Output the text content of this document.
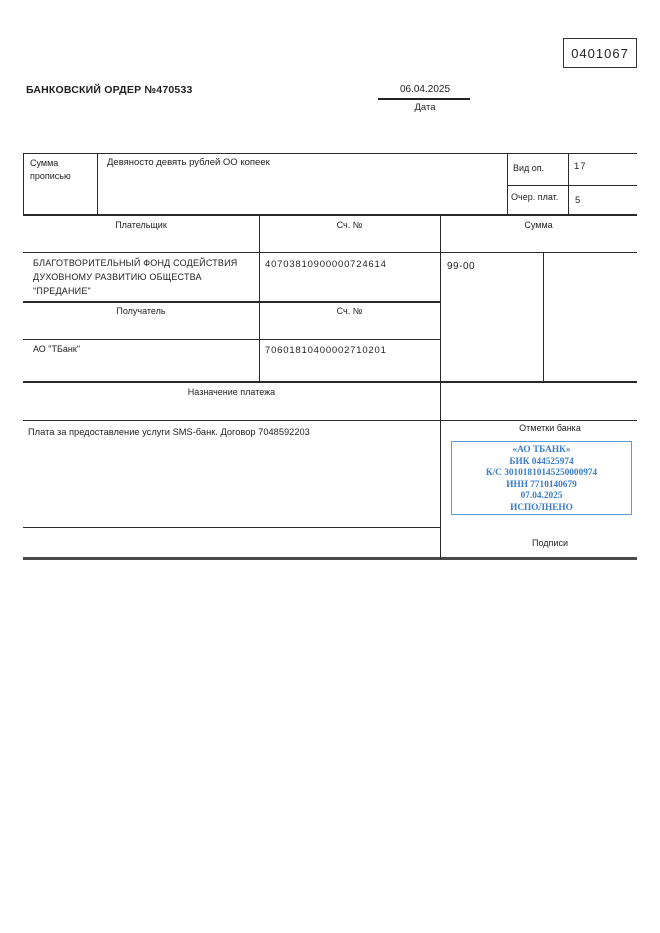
0401067
БАНКОВСКИЙ ОРДЕР №470533	06.04.2025
Дата
Сумма прописью
Девяносто девять рублей ОО копеек	Вид оп.	17
Очер. плат. 5
Плательщик	Сч. №	Сумма
БЛАГОТВОРИТЕЛЬНЫЙ ФОНД СОДЕЙСТВИЯ
ДУХОВНОМУ РАЗВИТИЮ ОБЩЕСТВА
"ПРЕДАНИЕ"
40703810900000724614	99-00
Получатель	Сч. №
АО "ТБанк"	70601810400002710201
Назначение платежа
Плата за предоставление услуги SMS-банк. Договор 7048592203	Отметки банка
«АО ТБАНК»
БИК 044525974
К/С 30101810145250000974
ИНН 7710140679
07.04.2025
ИСПОЛНЕНО
Подписи
